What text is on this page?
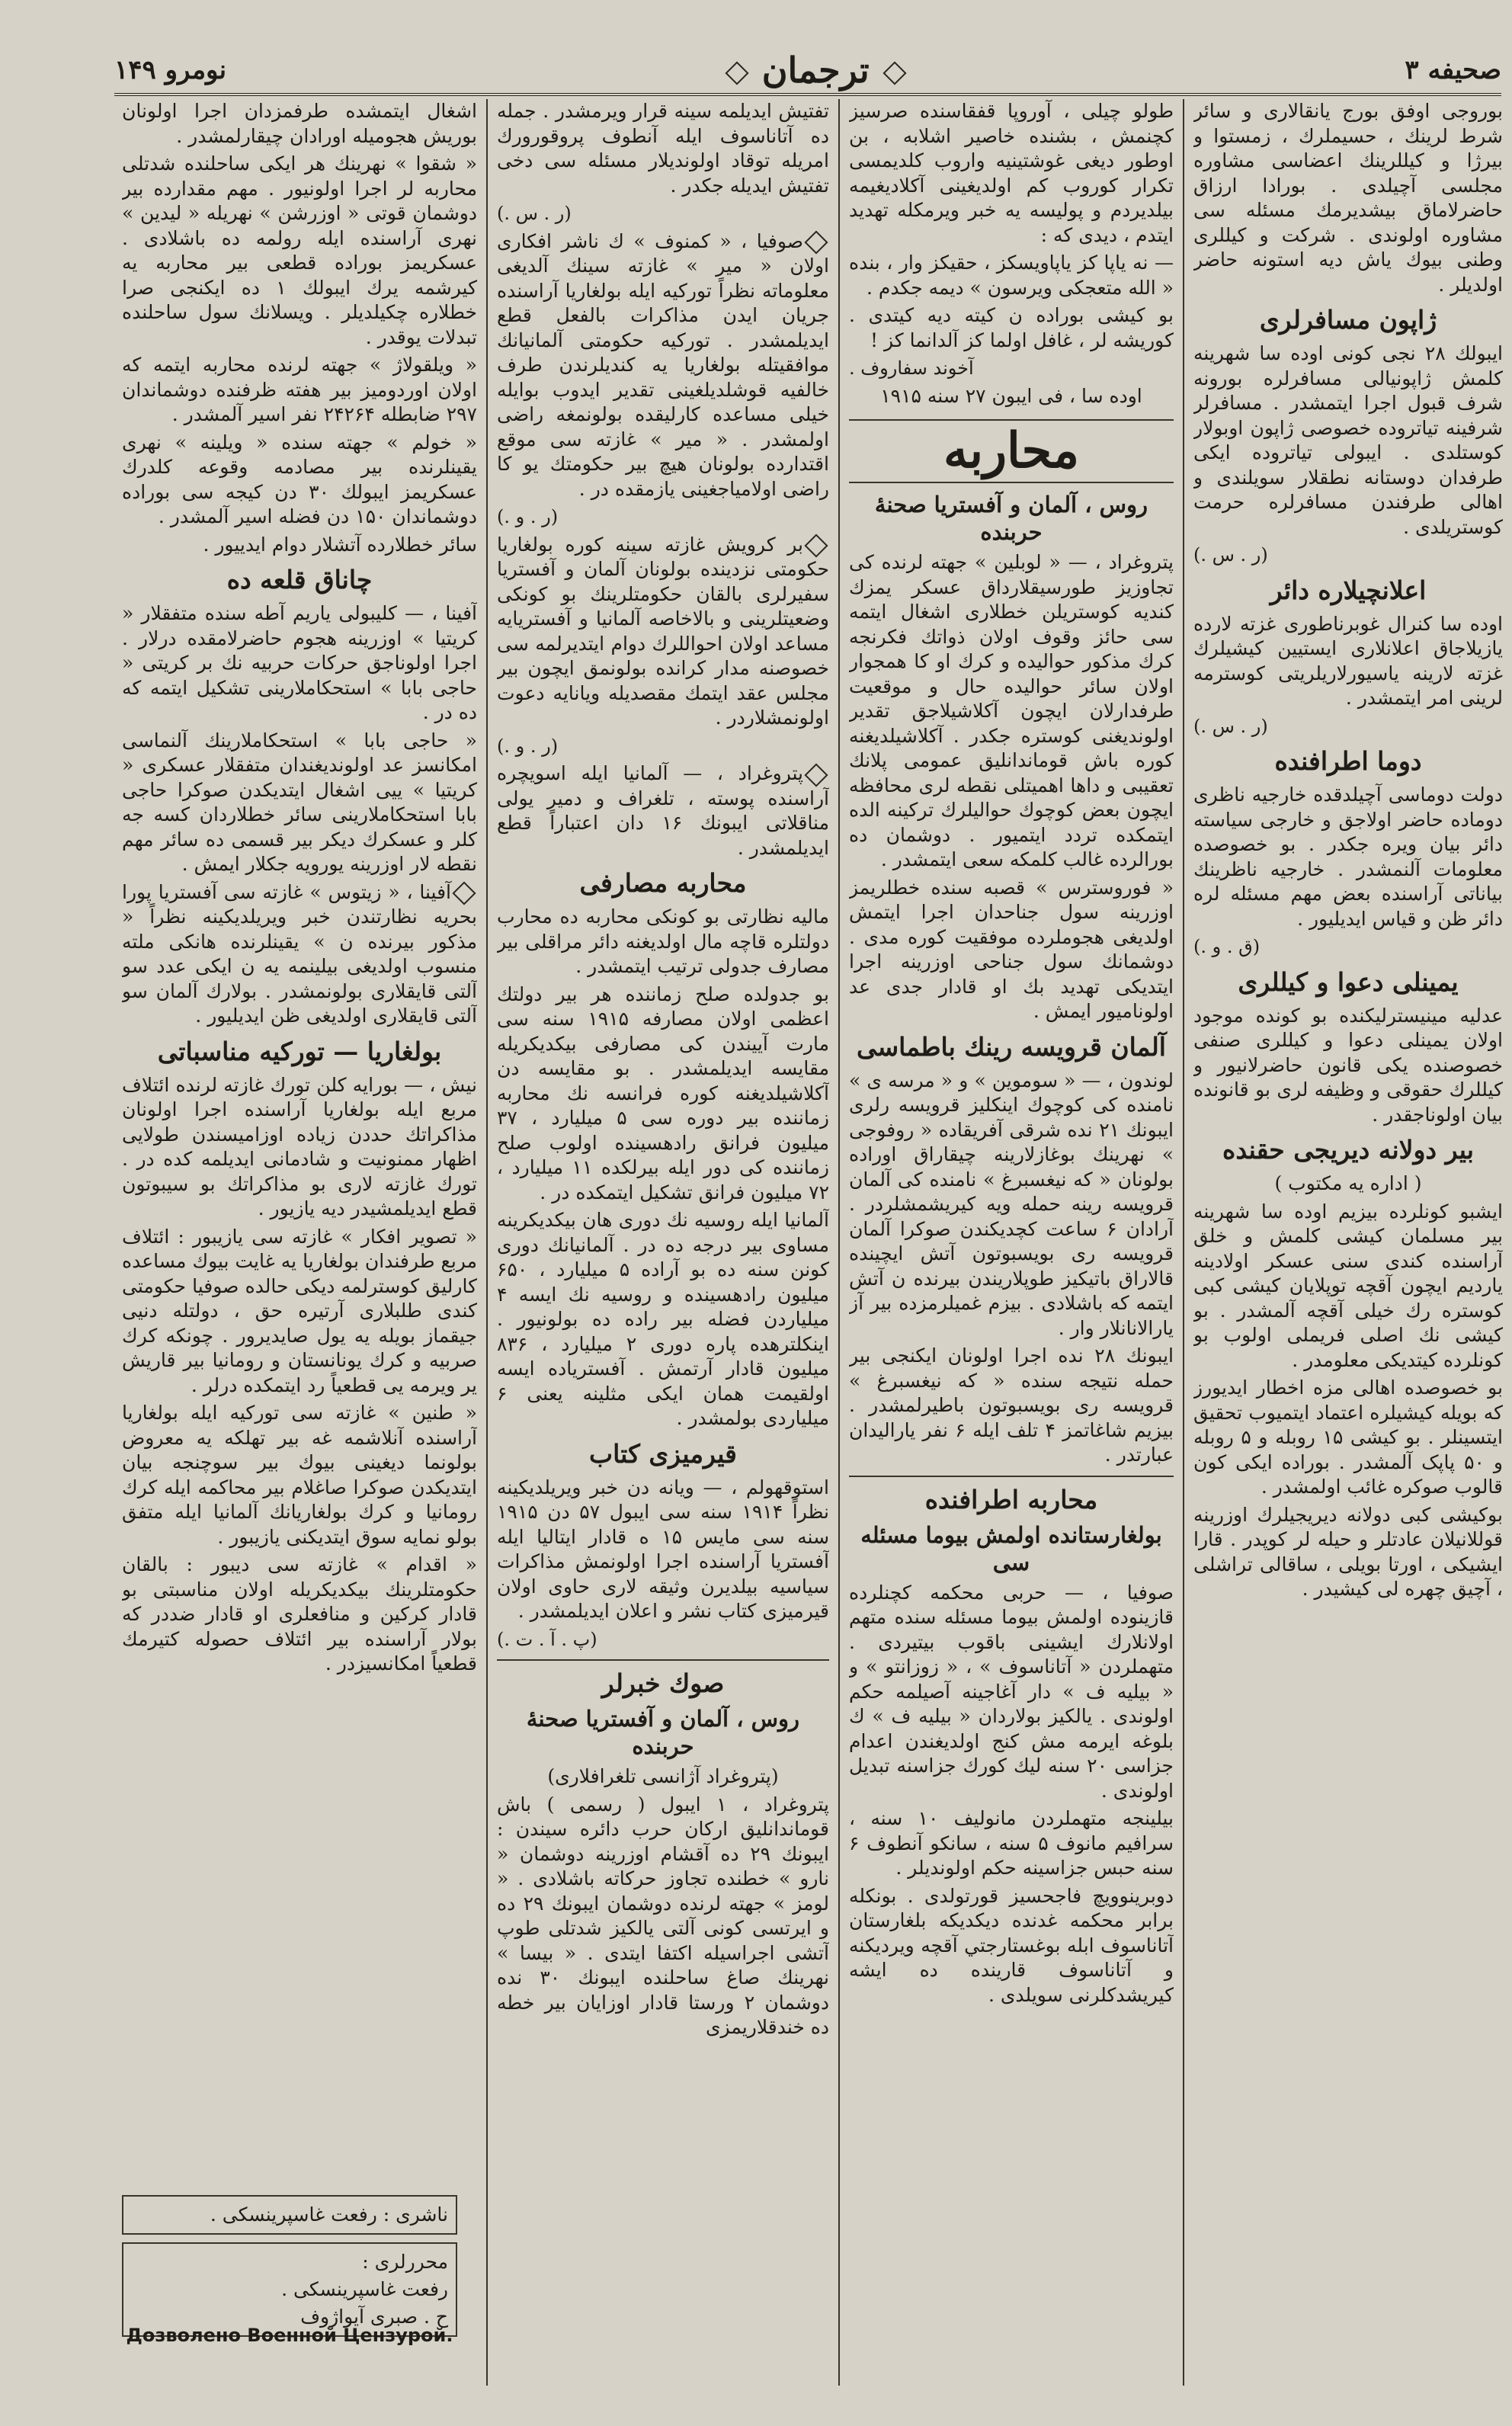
صحیفه ۳
ترجمان
نومرو ۱۴۹

بوروجی اوفق بورج یانقالاری و سائر شرط لرینك ، حسیملرك ، زمستوا و بیرژا و کیللرینك اعضاسی مشاوره مجلسی آچیلدی . بورادا ارزاق حاضرلاماق بیشدیرمك مسئله سی مشاوره اولوندی . شرکت و کیللری وطنی بیوك یاش دیه استونه حاضر اولدیلر .

ژاپون مسافرلری

ایبولك ۲۸ نجی کونی اوده سا شهرینه کلمش ژاپونیالی مسافرلره بورونه شرف قبول اجرا ایتمشدر . مسافرلر شرفینه تیاتروده خصوصی ژاپون اوبولار کوستلدی . ایبولی تیاتروده ایکی طرفدان دوستانه نطقلار سویلندی و اهالی طرفندن مسافرلره حرمت کوستریلدی .

(ر . س .)
اعلانچیلاره دائر

اوده سا کنرال غوبرناطوری غزته لارده یازیلاجاق اعلانلاری ایستیین کیشیلرك غزته لارینه یاسیورلاریلریتی کوسترمه لرینی امر ایتمشدر .

(ر . س .)
دوما اطرافنده

دولت دوماسی آچیلدقده خارجیه ناظری دوماده حاضر اولاجق و خارجی سیاسته دائر بیان ویره جکدر . بو خصوصده معلومات آلنمشدر . خارجیه ناظرینك بیاناتی آراسنده بعض مهم مسئله لره دائر ظن و قیاس ایدیلیور .

(ق . و .)
یمینلی دعوا و کیللری

عدلیه مینیسترلیکنده بو کونده موجود اولان یمینلی دعوا و کیللری صنفی خصوصنده یکی قانون حاضرلانیور و کیللرك حقوقی و وظیفه لری بو قانونده بیان اولوناجقدر .

بیر دولانه دیریجی حقنده
( اداره یه مکتوب )

ایشبو کونلرده بیزیم اوده سا شهرینه بیر مسلمان کیشی کلمش و خلق آراسنده کندی سنی عسکر اولادینه یاردیم ایچون آقچه توپلایان کیشی کبی کوستره رك خیلی آقچه آلمشدر . بو کیشی نك اصلی فریملی اولوب بو کونلرده کیتدیکی معلومدر .

بو خصوصده اهالی مزه اخطار ایدیورز که بویله کیشیلره اعتماد ایتمیوب تحقیق ایتسینلر . بو کیشی ۱۵ روبله و ۵ روبله و ۵۰ پاپک آلمشدر . بوراده ایکی کون قالوب صوکره غائب اولمشدر .

بوکیشی کبی دولانه دیریجیلرك اوزرینه قوللانیلان عادتلر و حیله لر کوپدر . قارا ایشیکی ، اورتا بویلی ، ساقالی تراشلی ، آچیق چهره لی کیشیدر .

طولو چیلی ، آوروپا قفقاسنده صرسیز کچنمش ، بشنده خاصیر اشلابه ، بن اوطور دیغی غوشتینیه واروب کلدیمسی تکرار کوروب کم اولدیغینی آکلادیغیمه بیلدیردم و پولیسه یه خبر ویرمکله تهدید ایتدم ، دیدی که :

— نه یاپا کز یاپاویسکز ، حقیکز وار ، بنده « الله متعجکی ویرسون » دیمه جکدم .

بو کیشی بوراده ن کیته دیه کیتدی . کوریشه لر ، غافل اولما کز آلدانما کز !

آخوند سفاروف .
اوده سا ، فی ایبون ۲۷ سنه ۱۹۱۵
محاربه
روس ، آلمان و آفستریا صحنهٔ حربنده

پتروغراد ، — « لوبلین » جهته لرنده کی تجاوزیز طورسیقلارداق عسکر یمزك کنديه کوستریلن خطلاری اشغال ایتمه سی حائز وقوف اولان ذواتك فکرنجه کرك مذکور حوالیده و کرك او کا همجوار اولان سائر حوالیده حال و موقعیت طرفدارلان ایچون آکلاشیلاجق تقدیر اولوندیغنی کوستره جکدر . آکلاشیلدیغنه کوره باش قوماندانلیق عمومی پلانك تعقیبی و داها اهمیتلی نقطه لری محافظه ایچون بعض کوچوك حوالیلرك ترکینه الده ایتمکده تردد ایتمیور . دوشمان ده بورالرده غالب کلمکه سعی ایتمشدر .

« فوروسترس » قصبه سنده خطلریمز اوزرینه سول جناحدان اجرا ایتمش اولدیغی هجوملرده موفقیت کوره مدی . دوشمانك سول جناحی اوزرینه اجرا ایتدیکی تهدید بك او قادار جدی عد اولونامیور ایمش .

آلمان قرویسه رینك باطماسی

لوندون ، — « سوموین » و « مرسه ی » نامنده کی کوچوك اینکلیز قرویسه رلری ایبونك ۲۱ نده شرقی آفریقاده « روفوجی » نهرینك بوغازلارینه چیقاراق اوراده بولونان « که نیغسبرغ » نامنده کی آلمان قرویسه رینه حمله ویه کیریشمشلردر . آرادان ۶ ساعت کچدیکندن صوکرا آلمان قرویسه ری بویسبوتون آتش ایچینده قالاراق باتیکیز طوپلاریندن بیرنده ن آتش ایتمه که باشلادی . بیزم غمیلرمزده بیر آز یارالانانلار وار .

ایبونك ۲۸ نده اجرا اولونان ایکنجی بیر حمله نتیجه سنده « که نیغسبرغ » قرویسه ری بویسبوتون باطیرلمشدر . بیزیم شاغاتمز ۴ تلف ایله ۶ نفر یارالیدان عبارتدر .

محاربه اطرافنده
بولغارستانده اولمش بیوما مسئله سی

صوفیا ، — حربی محکمه کچنلرده قازینوده اولمش بیوما مسئله سنده متهم اولانلارك ایشینی باقوب بیتیردی . متهملردن « آتاناسوف » ، « زوزانتو » و « بیلیه ف » دار آغاجینه آصیلمه حکم اولوندی . یالکیز بولاردان « بیلیه ف » ك بلوغه ایرمه مش کنج اولدیغندن اعدام جزاسی ۲۰ سنه لیك کورك جزاسنه تبدیل اولوندی .

بیلینجه متهملردن مانولیف ۱۰ سنه ، سرافیم مانوف ۵ سنه ، سانکو آنطوف ۶ سنه حبس جزاسینه حکم اولوندیلر .

دوبرینوویچ فاجحسیز قورتولدی . بونکله برابر محکمه غدنده دیکدیکه بلغارستان آتاناسوف ابله بوغستارجتي آقچه ویردیکنه و آتاناسوف قارینده ده ایشه کیریشدکلرنی سویلدی .

تفتیش ایدیلمه سینه قرار ویرمشدر . جمله ده آتاناسوف ایله آنطوف پروقورورك امریله توقاد اولوندیلار مسئله سی دخی تفتیش ایدیله جکدر .

(ر . س .)

صوفیا ، « کمنوف » ك ناشر افکاری اولان « میر » غازته سینك آلدیغی معلوماته نظراً تورکیه ایله بولغاریا آراسنده جریان ایدن مذاکرات بالفعل قطع ایدیلمشدر . تورکیه حکومتی آلمانیانك موافقیتله بولغاریا یه کندیلرندن طرف خالفیه قوشلدیلغینی تقدیر ایدوب بوایله خیلی مساعده کارلیقده بولونمغه راضی اولمشدر . « میر » غازته سی موقع اقتدارده بولونان هیچ بیر حکومتك یو کا راضی اولامیاجغینی یازمقده در .

(ر . و .)

بر کرویش غازته سینه کوره بولغاریا حکومتی نزدینده بولونان آلمان و آفستریا سفیرلری بالقان حکومتلرینك بو کونکی وضعیتلرینی و بالاخاصه آلمانیا و آفستریایه مساعد اولان احواللرك دوام ایتدیرلمه سی خصوصنه مدار کرانده بولونمق ایچون بیر مجلس عقد ایتمك مقصدیله ویانایه دعوت اولونمشلاردر .

(ر . و .)

پتروغراد ، — آلمانیا ایله اسویچره آراسنده پوسته ، تلغراف و دمیر یولی مناقلاتی ایبونك ۱۶ دان اعتباراً قطع ایدیلمشدر .

محاربه مصارفی

مالیه نظارتی بو کونکی محاربه ده محارب دولتلره قاچه مال اولدیغنه دائر مراقلی بیر مصارف جدولی ترتیب ایتمشدر .

بو جدولده صلح زماننده هر بیر دولتك اعظمی اولان مصارفه ۱۹۱۵ سنه سی مارت آییندن کی مصارفی بیکدیکریله مقایسه ایدیلمشدر . بو مقایسه دن آکلاشیلدیغنه کوره فرانسه نك محاربه زماننده بیر دوره سی ۵ میلیارد ، ۳۷ میلیون فرانق رادهسینده اولوب صلح زماننده کی دور ایله بیرلکده ۱۱ میلیارد ، ۷۲ میلیون فرانق تشکیل ایتمکده در .

آلمانیا ایله روسیه نك دوری هان بیکدیکرینه مساوی بیر درجه ده در . آلمانیانك دوری کونن سنه ده بو آراده ۵ میلیارد ، ۶۵۰ میلیون رادهسینده و روسیه نك ایسه ۴ میلیاردن فضله بیر راده ده بولونیور . اینکلترهده پاره دوری ۲ میلیارد ، ۸۳۶ میلیون قادار آرتمش . آفستریاده ایسه اولقیمت همان ایکی مثلینه یعنی ۶ میلیاردی بولمشدر .

قیرمیزی کتاب

استوقهولم ، — ویانه دن خبر ویریلدیکینه نظراً ۱۹۱۴ سنه سی ایبول ۵۷ دن ۱۹۱۵ سنه سی مایس ۱۵ ه قادار ایتالیا ایله آفستریا آراسنده اجرا اولونمش مذاکرات سیاسیه بیلدیرن وثیقه لاری حاوی اولان قیرمیزی کتاب نشر و اعلان ایدیلمشدر .

(پ . آ . ت .)
صوك خبرلر
روس ، آلمان و آفستریا صحنهٔ حربنده
(پتروغراد آژانسی تلغرافلاری)

پتروغراد ، ۱ ایبول ( رسمی ) باش قوماندانلیق ارکان حرب دائره سیندن : ایبونك ۲۹ ده آقشام اوزرینه دوشمان « نارو » خطنده تجاوز حرکاته باشلادی . « لومز » جهته لرنده دوشمان ایبونك ۲۹ ده و ایرتسی کونی آلتی یالکیز شدتلی طوپ آتشی اجراسیله اکتفا ایتدی . « بیسا » نهرینك صاغ ساحلنده ایبونك ۳۰ نده دوشمان ۲ ورستا قادار اوزایان بیر خطه ده خندقلاریمزی

اشغال ایتمشده طرفمزدان اجرا اولونان بوریش هجومیله اورادان چیقارلمشدر .

« شقوا » نهرینك هر ایکی ساحلنده شدتلی محاربه لر اجرا اولونیور . مهم مقدارده بیر دوشمان قوتی « اوزرشن » نهریله « لیدین » نهری آراسنده ایله رولمه ده باشلادی . عسکریمز بوراده قطعی بیر محاربه یه کیرشمه یرك ایبولك ۱ ده ایکنجی صرا خطلاره چکیلدیلر . ویسلانك سول ساحلنده تبدلات یوقدر .

« ویلقولاژ » جهته لرنده محاربه ایتمه که اولان اوردومیز بیر هفته ظرفنده دوشماندان ۲۹۷ ضابطله ۲۴۲۶۴ نفر اسیر آلمشدر .

« خولم » جهته سنده « ویلینه » نهری یقینلرنده بیر مصادمه وقوعه کلدرك عسکریمز ایبولك ۳۰ دن کیجه سی بوراده دوشماندان ۱۵۰ دن فضله اسیر آلمشدر .

سائر خطلارده آتشلار دوام ایدییور .

چاناق قلعه ده

آفینا ، — کلیبولی یاریم آطه سنده متفقلار « کریتیا » اوزرینه هجوم حاضرلامقده درلار . اجرا اولوناجق حرکات حربیه نك بر کریتی « حاجی بابا » استحکاملارینی تشکیل ایتمه که ده در .

« حاجی بابا » استحکاملارینك آلنماسی امکانسز عد اولوندیغندان متفقلار عسکری « کریتیا » ییی اشغال ایتدیکدن صوکرا حاجی بابا استحکاملارینی سائر خطلاردان کسه جه کلر و عسکرك دیکر بیر قسمی ده سائر مهم نقطه لار اوزرینه یورویه جکلار ایمش .

آفینا ، « زیتوس » غازته سی آفستریا پورا بحریه نظارتندن خبر ویریلدیکینه نظراً « مذکور بیرنده ن » یقینلرنده هانکی ملته منسوب اولدیغی بیلینمه یه ن ایکی عدد سو آلتی قایقلاری بولونمشدر . بولارك آلمان سو آلتی قایقلاری اولدیغی ظن ایدیلیور .

بولغاریا — تورکیه مناسباتی

نیش ، — بورایه کلن تورك غازته لرنده ائتلاف مربع ایله بولغاریا آراسنده اجرا اولونان مذاکراتك حددن زیاده اوزامیسندن طولایی اظهار ممنونیت و شادمانی ایدیلمه کده در . تورك غازته لاری بو مذاکراتك بو سیبوتون قطع ایدیلمشیدر دیه یازیور .

« تصویر افکار » غازته سی یازیبور : ائتلاف مربع طرفندان بولغاریا یه غایت بیوك مساعده کارلیق کوسترلمه دیکی حالده صوفیا حکومتی کندی طلبلاری آرتیره حق ، دولتله دنیی جیقماز بویله یه یول صایدیرور . چونکه کرك صربیه و کرك یونانستان و رومانیا بیر قاریش یر ویرمه یی قطعیاً رد ایتمکده درلر .

« طنین » غازته سی تورکیه ایله بولغاریا آراسنده آنلاشمه غه بیر تهلکه یه معروض بولونما دیغینی بیوك بیر سوچنجه بیان ایتدیکدن صوکرا صاغلام بیر محاکمه ایله کرك رومانیا و کرك بولغاریانك آلمانیا ایله متفق بولو نمایه سوق ایتدیکنی یازیبور .

« اقدام » غازته سی دیبور : بالقان حکومتلرینك بیکدیکریله اولان مناسبتی بو قادار کرکین و منافعلری او قادار ضددر که بولار آراسنده بیر ائتلاف حصوله کتیرمك قطعیاً امکانسیزدر .

ناشری : رفعت غاسپرینسکی .
محررلری :
رفعت غاسپرینسکی .
ح . صبری آیواژوف
Дозволено Военной Цензурой.
